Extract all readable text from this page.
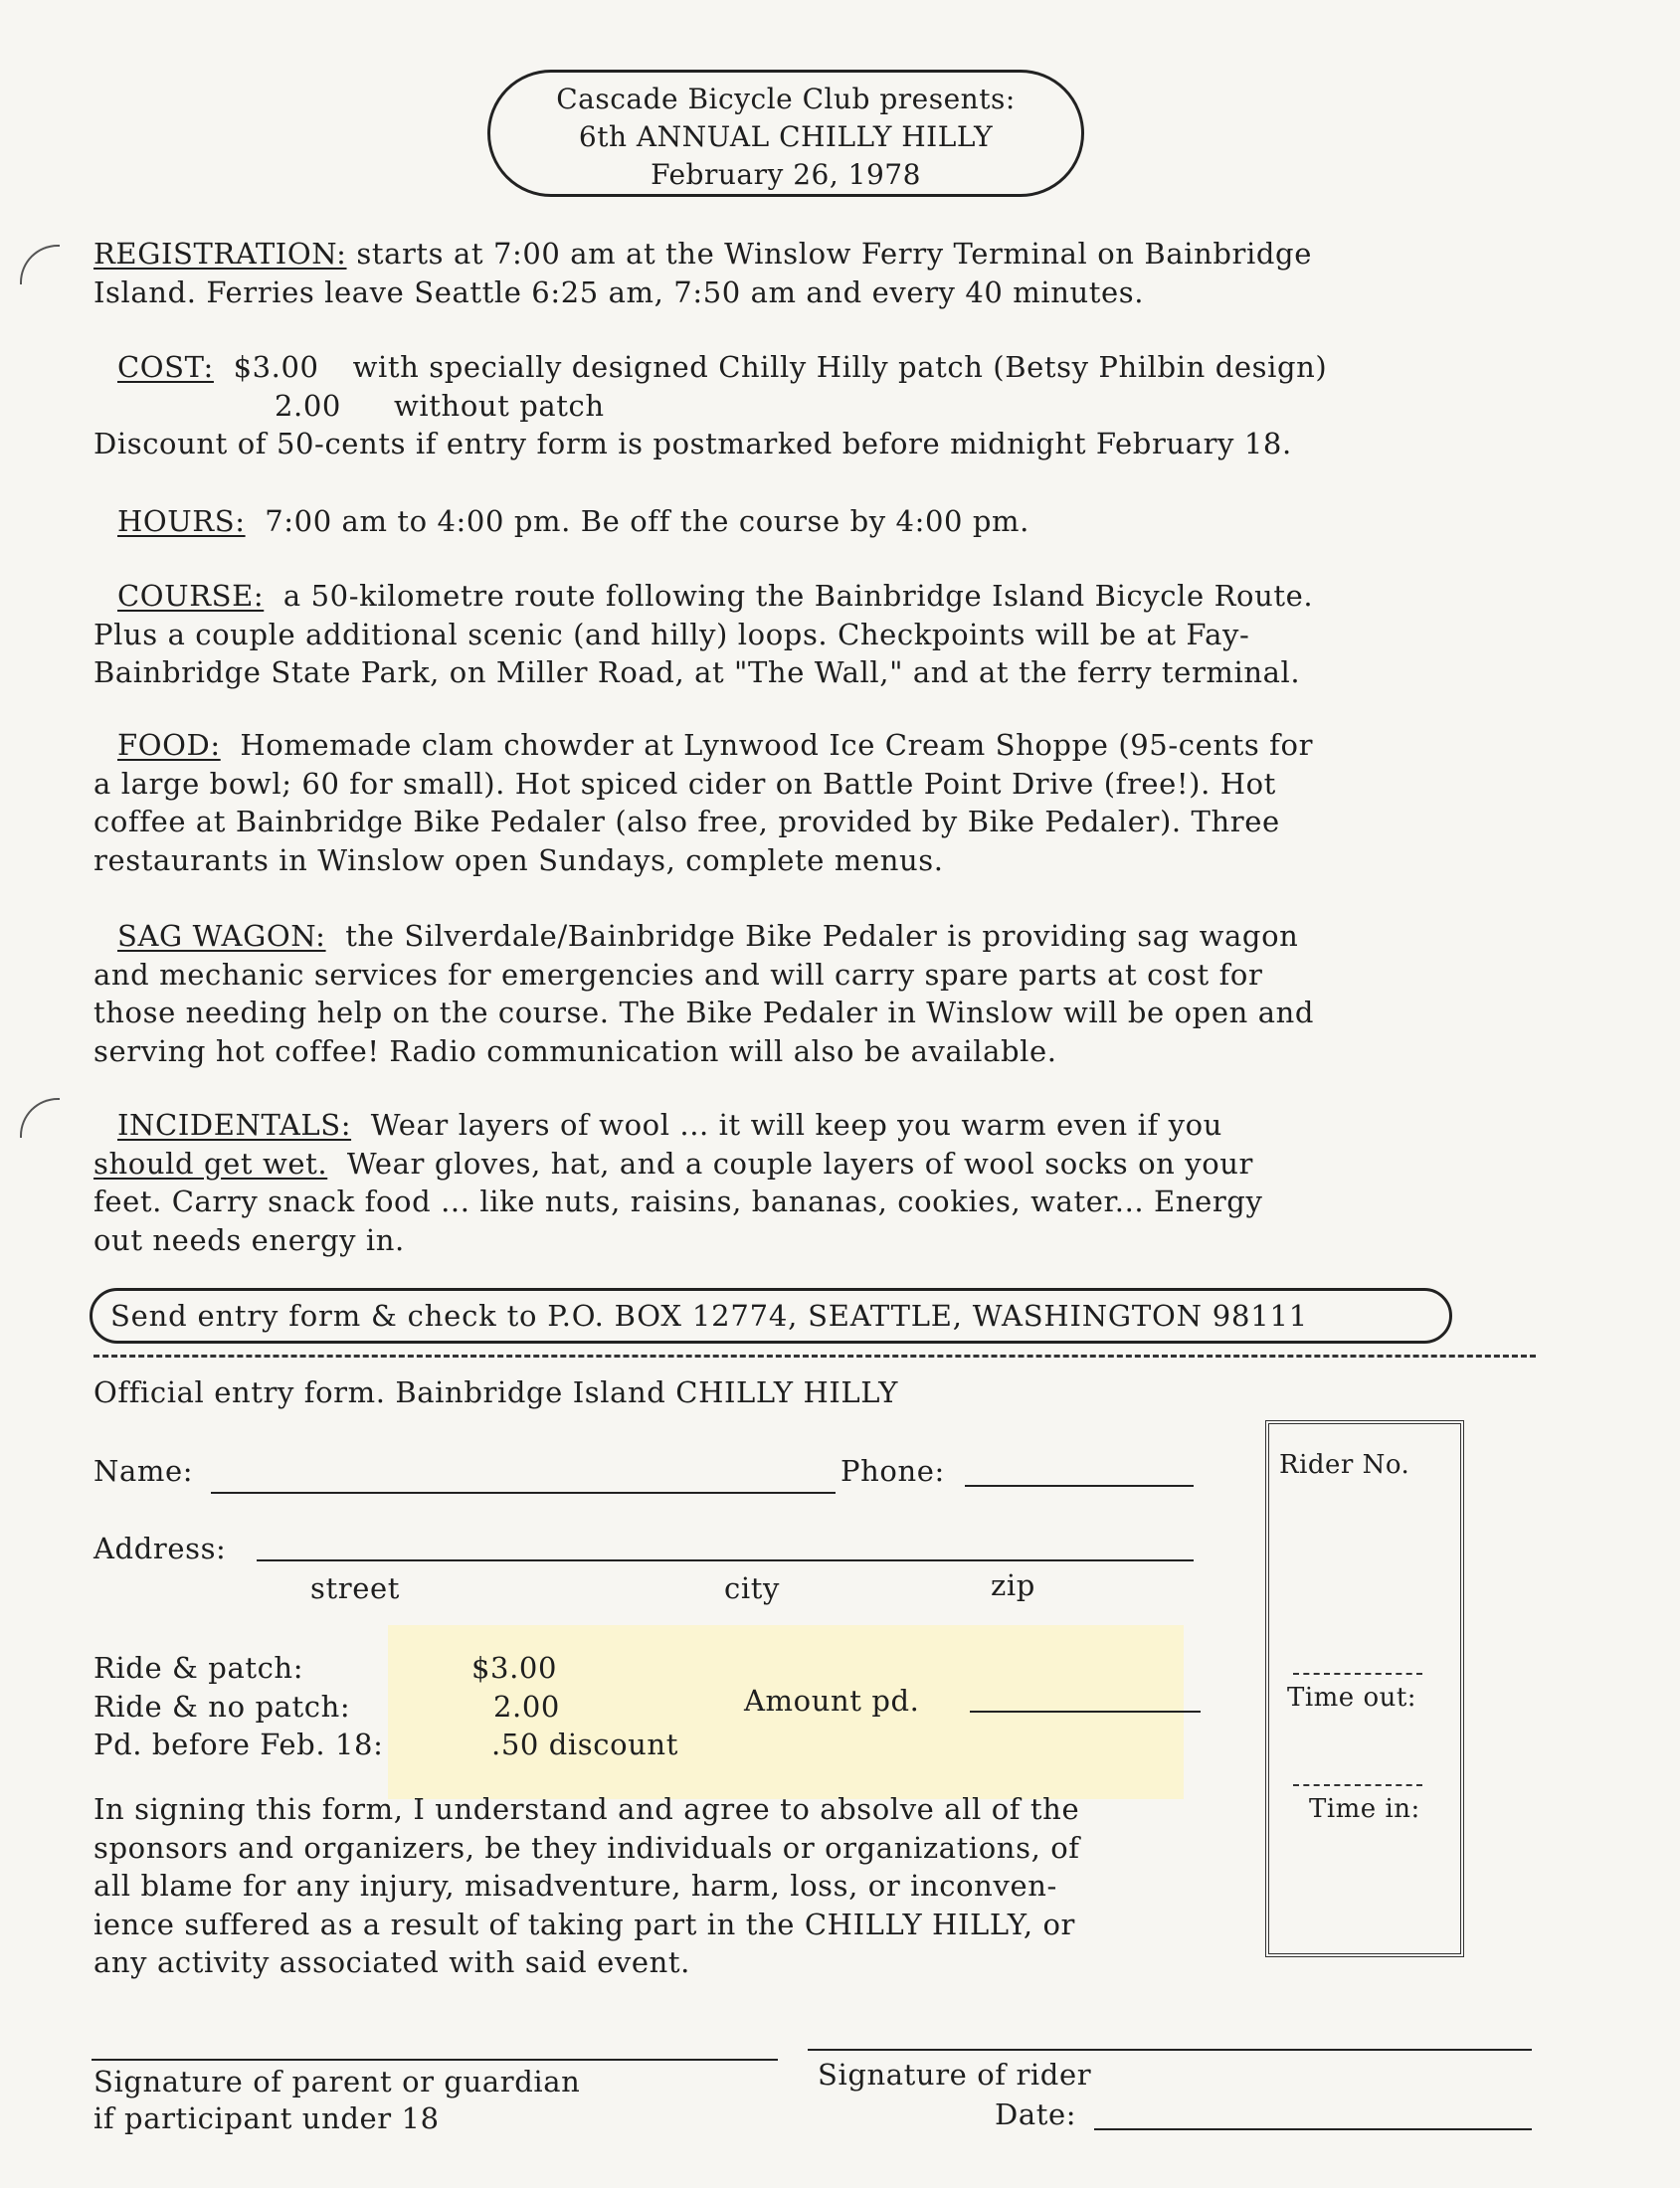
Cascade Bicycle Club presents:
6th ANNUAL CHILLY HILLY
February 26, 1978
REGISTRATION: starts at 7:00 am at the Winslow Ferry Terminal on Bainbridge
Island. Ferries leave Seattle 6:25 am, 7:50 am and every 40 minutes.
COST: $3.00 with specially designed Chilly Hilly patch (Betsy Philbin design)
2.00 without patch
Discount of 50-cents if entry form is postmarked before midnight February 18.
HOURS: 7:00 am to 4:00 pm. Be off the course by 4:00 pm.
COURSE: a 50-kilometre route following the Bainbridge Island Bicycle Route.
Plus a couple additional scenic (and hilly) loops. Checkpoints will be at Fay-
Bainbridge State Park, on Miller Road, at "The Wall," and at the ferry terminal.
FOOD: Homemade clam chowder at Lynwood Ice Cream Shoppe (95-cents for
a large bowl; 60 for small). Hot spiced cider on Battle Point Drive (free!). Hot
coffee at Bainbridge Bike Pedaler (also free, provided by Bike Pedaler). Three
restaurants in Winslow open Sundays, complete menus.
SAG WAGON: the Silverdale/Bainbridge Bike Pedaler is providing sag wagon
and mechanic services for emergencies and will carry spare parts at cost for
those needing help on the course. The Bike Pedaler in Winslow will be open and
serving hot coffee! Radio communication will also be available.
INCIDENTALS: Wear layers of wool ... it will keep you warm even if you
should get wet. Wear gloves, hat, and a couple layers of wool socks on your
feet. Carry snack food ... like nuts, raisins, bananas, cookies, water... Energy
out needs energy in.
Send entry form & check to P.O. BOX 12774, SEATTLE, WASHINGTON 98111
Official entry form. Bainbridge Island CHILLY HILLY
Name:	Phone:
Address:
street	city	zip
Ride & patch:	$3.00
Ride & no patch:	2.00
Pd. before Feb. 18:	.50 discount
Amount pd.
In signing this form, I understand and agree to absolve all of the
sponsors and organizers, be they individuals or organizations, of
all blame for any injury, misadventure, harm, loss, or inconven-
ience suffered as a result of taking part in the CHILLY HILLY, or
any activity associated with said event.
Rider No.
Time out:
Time in:
Signature of parent or guardian
if participant under 18
Signature of rider
Date:
